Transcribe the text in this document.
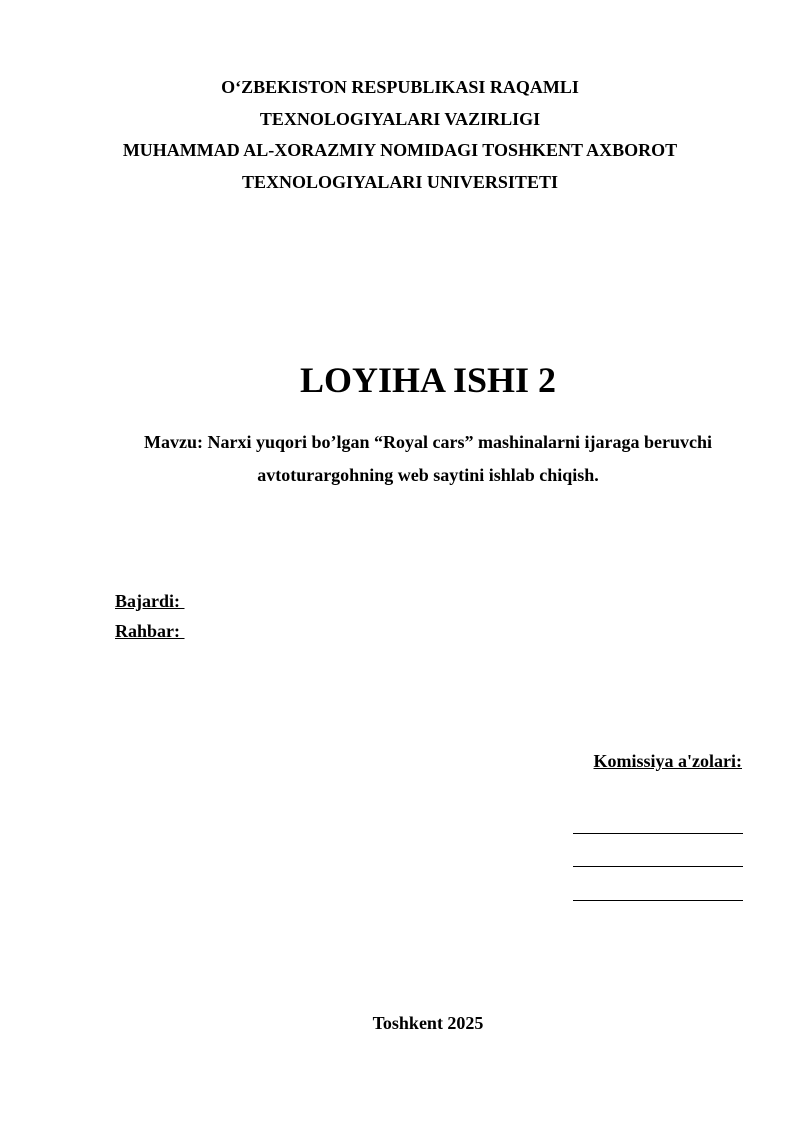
O‘ZBEKISTON RESPUBLIKASI RAQAMLI
TEXNOLOGIYALARI VAZIRLIGI
MUHAMMAD AL-XORAZMIY NOMIDAGI TOSHKENT AXBOROT
TEXNOLOGIYALARI UNIVERSITETI
LOYIHA ISHI 2
Mavzu: Narxi yuqori bo’lgan “Royal cars” mashinalarni ijaraga beruvchi
avtoturargohning web saytini ishlab chiqish.
Bajardi:
Rahbar:
Komissiya a'zolari:
Toshkent 2025
